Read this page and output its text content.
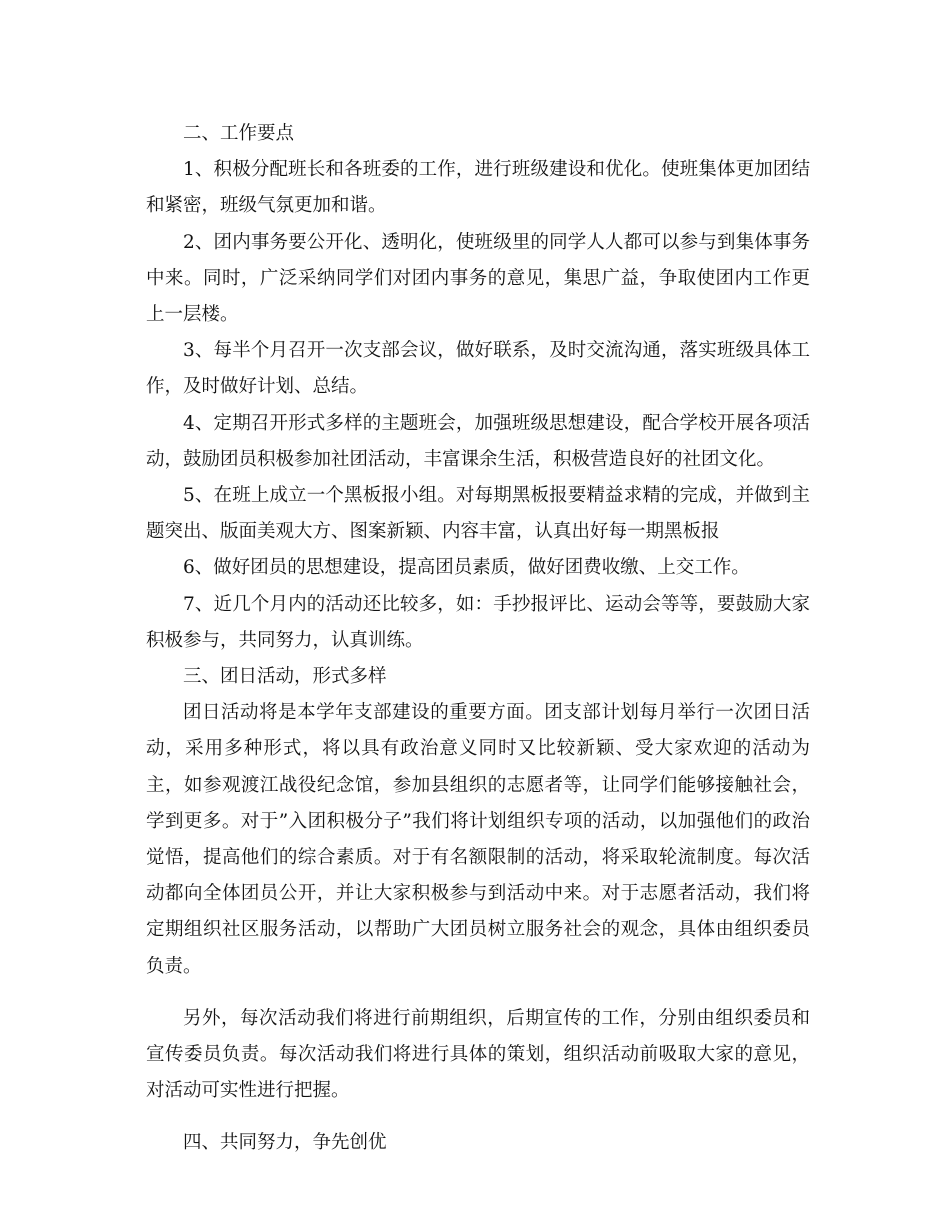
二、工作要点

1、积极分配班长和各班委的工作，进行班级建设和优化。使班集体更加团结和紧密，班级气氛更加和谐。

2、团内事务要公开化、透明化，使班级里的同学人人都可以参与到集体事务中来。同时，广泛采纳同学们对团内事务的意见，集思广益，争取使团内工作更上一层楼。

3、每半个月召开一次支部会议，做好联系，及时交流沟通，落实班级具体工作，及时做好计划、总结。

4、定期召开形式多样的主题班会，加强班级思想建设，配合学校开展各项活动，鼓励团员积极参加社团活动，丰富课余生活，积极营造良好的社团文化。

5、在班上成立一个黑板报小组。对每期黑板报要精益求精的完成，并做到主题突出、版面美观大方、图案新颖、内容丰富，认真出好每一期黑板报

6、做好团员的思想建设，提高团员素质，做好团费收缴、上交工作。

7、近几个月内的活动还比较多，如：手抄报评比、运动会等等，要鼓励大家积极参与，共同努力，认真训练。

三、团日活动，形式多样

团日活动将是本学年支部建设的重要方面。团支部计划每月举行一次团日活动，采用多种形式，将以具有政治意义同时又比较新颖、受大家欢迎的活动为主，如参观渡江战役纪念馆，参加县组织的志愿者等，让同学们能够接触社会，学到更多。对于”入团积极分子”我们将计划组织专项的活动，以加强他们的政治觉悟，提高他们的综合素质。对于有名额限制的活动，将采取轮流制度。每次活动都向全体团员公开，并让大家积极参与到活动中来。对于志愿者活动，我们将定期组织社区服务活动，以帮助广大团员树立服务社会的观念，具体由组织委员负责。

另外，每次活动我们将进行前期组织，后期宣传的工作，分别由组织委员和宣传委员负责。每次活动我们将进行具体的策划，组织活动前吸取大家的意见，对活动可实性进行把握。

四、共同努力，争先创优
